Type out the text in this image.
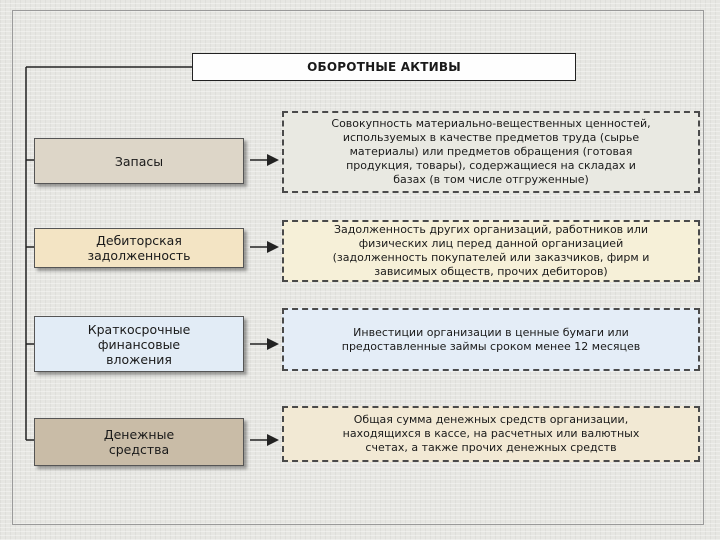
ОБОРОТНЫЕ АКТИВЫ
Запасы
Дебиторская
задолженность
Краткосрочные
финансовые
вложения
Денежные
средства
Совокупность материально-вещественных ценностей,
используемых в качестве предметов труда (сырье
материалы) или предметов обращения (готовая
продукция, товары), содержащиеся на складах и
базах (в том числе отгруженные)
Задолженность других организаций, работников или
физических лиц перед данной организацией
(задолженность покупателей или заказчиков, фирм и
зависимых обществ, прочих дебиторов)
Инвестиции организации в ценные бумаги или
предоставленные займы сроком менее 12 месяцев
Общая сумма денежных средств организации,
находящихся в кассе, на расчетных или валютных
счетах, а также прочих денежных средств
